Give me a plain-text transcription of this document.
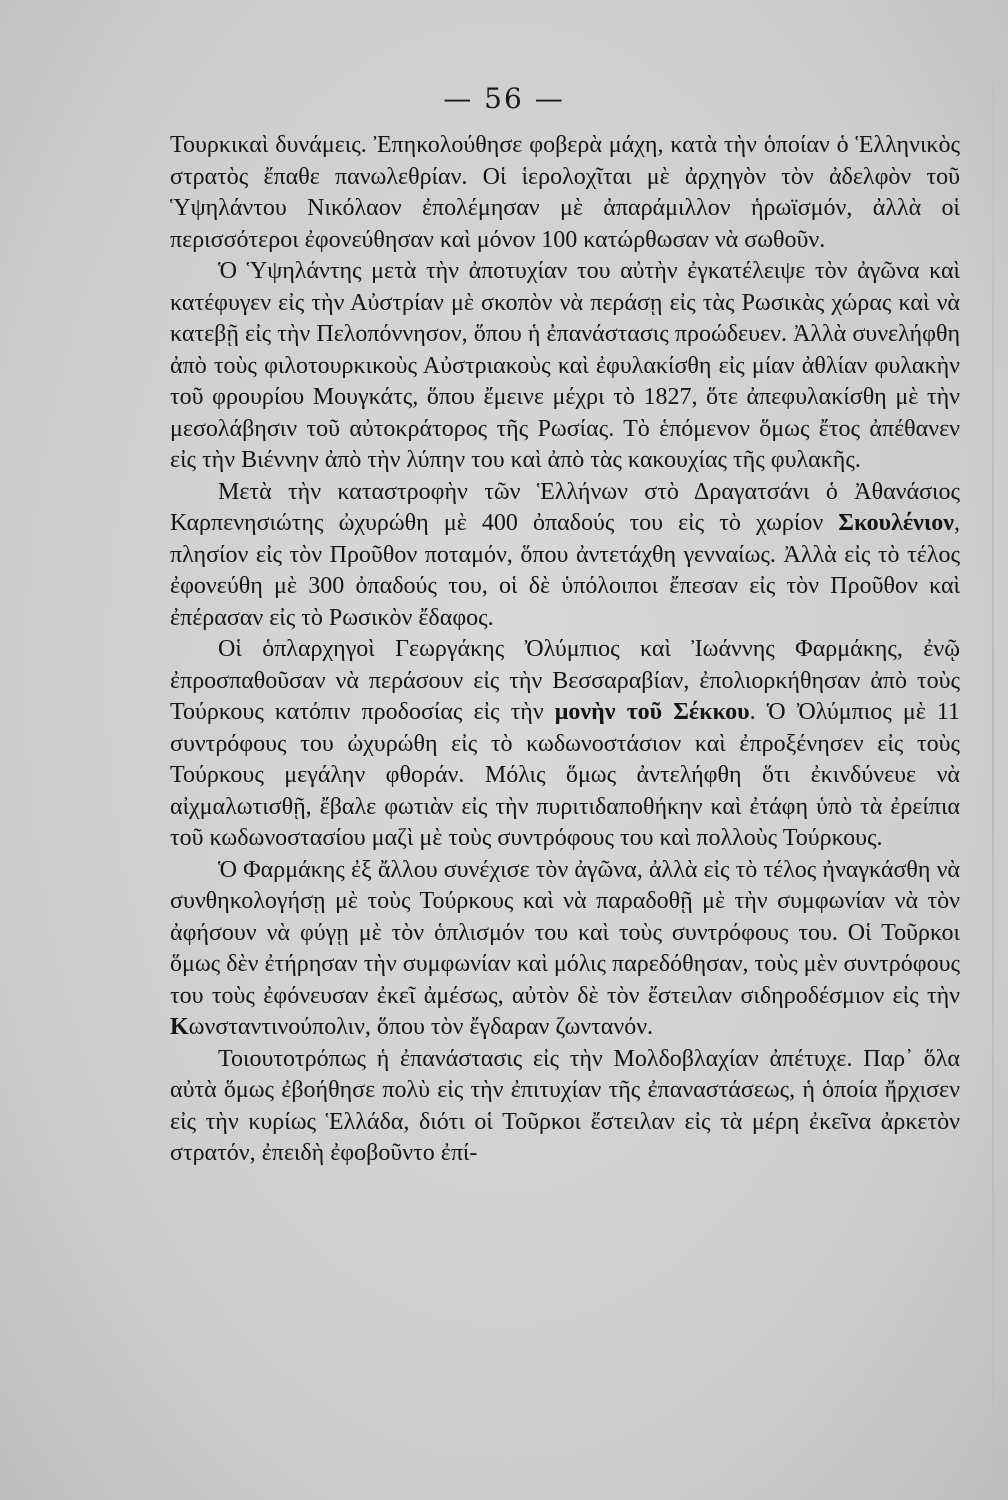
— 56 —

Τουρκικαὶ δυνάμεις. Ἐπηκολούθησε φοβερὰ μάχη, κατὰ τὴν ὁποίαν ὁ Ἑλληνικὸς στρατὸς ἔπαθε πανωλεθρίαν. Οἱ ἱερολοχῖται μὲ ἀρχηγὸν τὸν ἀδελφὸν τοῦ Ὑψηλάντου Νικόλαον ἐπολέμησαν μὲ ἀπαράμιλλον ἡρωϊσμόν, ἀλλὰ οἱ περισσότεροι ἐφονεύθησαν καὶ μόνον 100 κατώρθωσαν νὰ σωθοῦν.

Ὁ Ὑψηλάντης μετὰ τὴν ἀποτυχίαν του αὐτὴν ἐγκατέλειψε τὸν ἀγῶνα καὶ κατέφυγεν εἰς τὴν Αὐστρίαν μὲ σκοπὸν νὰ περάσῃ εἰς τὰς Ρωσικὰς χώρας καὶ νὰ κατεβῇ εἰς τὴν Πελοπόννησον, ὅπου ἡ ἐπανάστασις προώδευεν. Ἀλλὰ συνελήφθη ἀπὸ τοὺς φιλοτουρκικοὺς Αὐστριακοὺς καὶ ἐφυλακίσθη εἰς μίαν ἀθλίαν φυλακὴν τοῦ φρουρίου Μουγκάτς, ὅπου ἔμεινε μέχρι τὸ 1827, ὅτε ἀπεφυλακίσθη μὲ τὴν μεσολάβησιν τοῦ αὐτοκράτορος τῆς Ρωσίας. Τὸ ἑπόμενον ὅμως ἔτος ἀπέθανεν εἰς τὴν Βιέννην ἀπὸ τὴν λύπην του καὶ ἀπὸ τὰς κακουχίας τῆς φυλακῆς.

Μετὰ τὴν καταστροφὴν τῶν Ἑλλήνων στὸ Δραγατσάνι ὁ Ἀθανάσιος Καρπενησιώτης ὠχυρώθη μὲ 400 ὀπαδούς του εἰς τὸ χωρίον Σκουλένιον, πλησίον εἰς τὸν Προῦθον ποταμόν, ὅπου ἀντετάχθη γενναίως. Ἀλλὰ εἰς τὸ τέλος ἐφονεύθη μὲ 300 ὀπαδούς του, οἱ δὲ ὑπόλοιποι ἔπεσαν εἰς τὸν Προῦθον καὶ ἐπέρασαν εἰς τὸ Ρωσικὸν ἔδαφος.

Οἱ ὁπλαρχηγοὶ Γεωργάκης Ὀλύμπιος καὶ Ἰωάννης Φαρμάκης, ἐνῷ ἐπροσπαθοῦσαν νὰ περάσουν εἰς τὴν Βεσσαραβίαν, ἐπολιορκήθησαν ἀπὸ τοὺς Τούρκους κατόπιν προδοσίας εἰς τὴν μονὴν τοῦ Σέκκου. Ὁ Ὀλύμπιος μὲ 11 συντρόφους του ὠχυρώθη εἰς τὸ κωδωνοστάσιον καὶ ἐπροξένησεν εἰς τοὺς Τούρκους μεγάλην φθοράν. Μόλις ὅμως ἀντελήφθη ὅτι ἐκινδύνευε νὰ αἰχμαλωτισθῇ, ἔβαλε φωτιὰν εἰς τὴν πυριτιδαποθήκην καὶ ἐτάφη ὑπὸ τὰ ἐρείπια τοῦ κωδωνοστασίου μαζὶ μὲ τοὺς συντρόφους του καὶ πολλοὺς Τούρκους.

Ὁ Φαρμάκης ἐξ ἄλλου συνέχισε τὸν ἀγῶνα, ἀλλὰ εἰς τὸ τέλος ἠναγκάσθη νὰ συνθηκολογήσῃ μὲ τοὺς Τούρκους καὶ νὰ παραδοθῇ μὲ τὴν συμφωνίαν νὰ τὸν ἀφήσουν νὰ φύγῃ μὲ τὸν ὁπλισμόν του καὶ τοὺς συντρόφους του. Οἱ Τοῦρκοι ὅμως δὲν ἐτήρησαν τὴν συμφωνίαν καὶ μόλις παρεδόθησαν, τοὺς μὲν συντρόφους του τοὺς ἐφόνευσαν ἐκεῖ ἀμέσως, αὐτὸν δὲ τὸν ἔστειλαν σιδηροδέσμιον εἰς τὴν Κωνσταντινούπολιν, ὅπου τὸν ἔγδαραν ζωντανόν.

Τοιουτοτρόπως ἡ ἐπανάστασις εἰς τὴν Μολδοβλαχίαν ἀπέτυχε. Παρ᾽ ὅλα αὐτὰ ὅμως ἐβοήθησε πολὺ εἰς τὴν ἐπιτυχίαν τῆς ἐπαναστάσεως, ἡ ὁποία ἤρχισεν εἰς τὴν κυρίως Ἑλλάδα, διότι οἱ Τοῦρκοι ἔστειλαν εἰς τὰ μέρη ἐκεῖνα ἀρκετὸν στρατόν, ἐπειδὴ ἐφοβοῦντο ἐπί-
